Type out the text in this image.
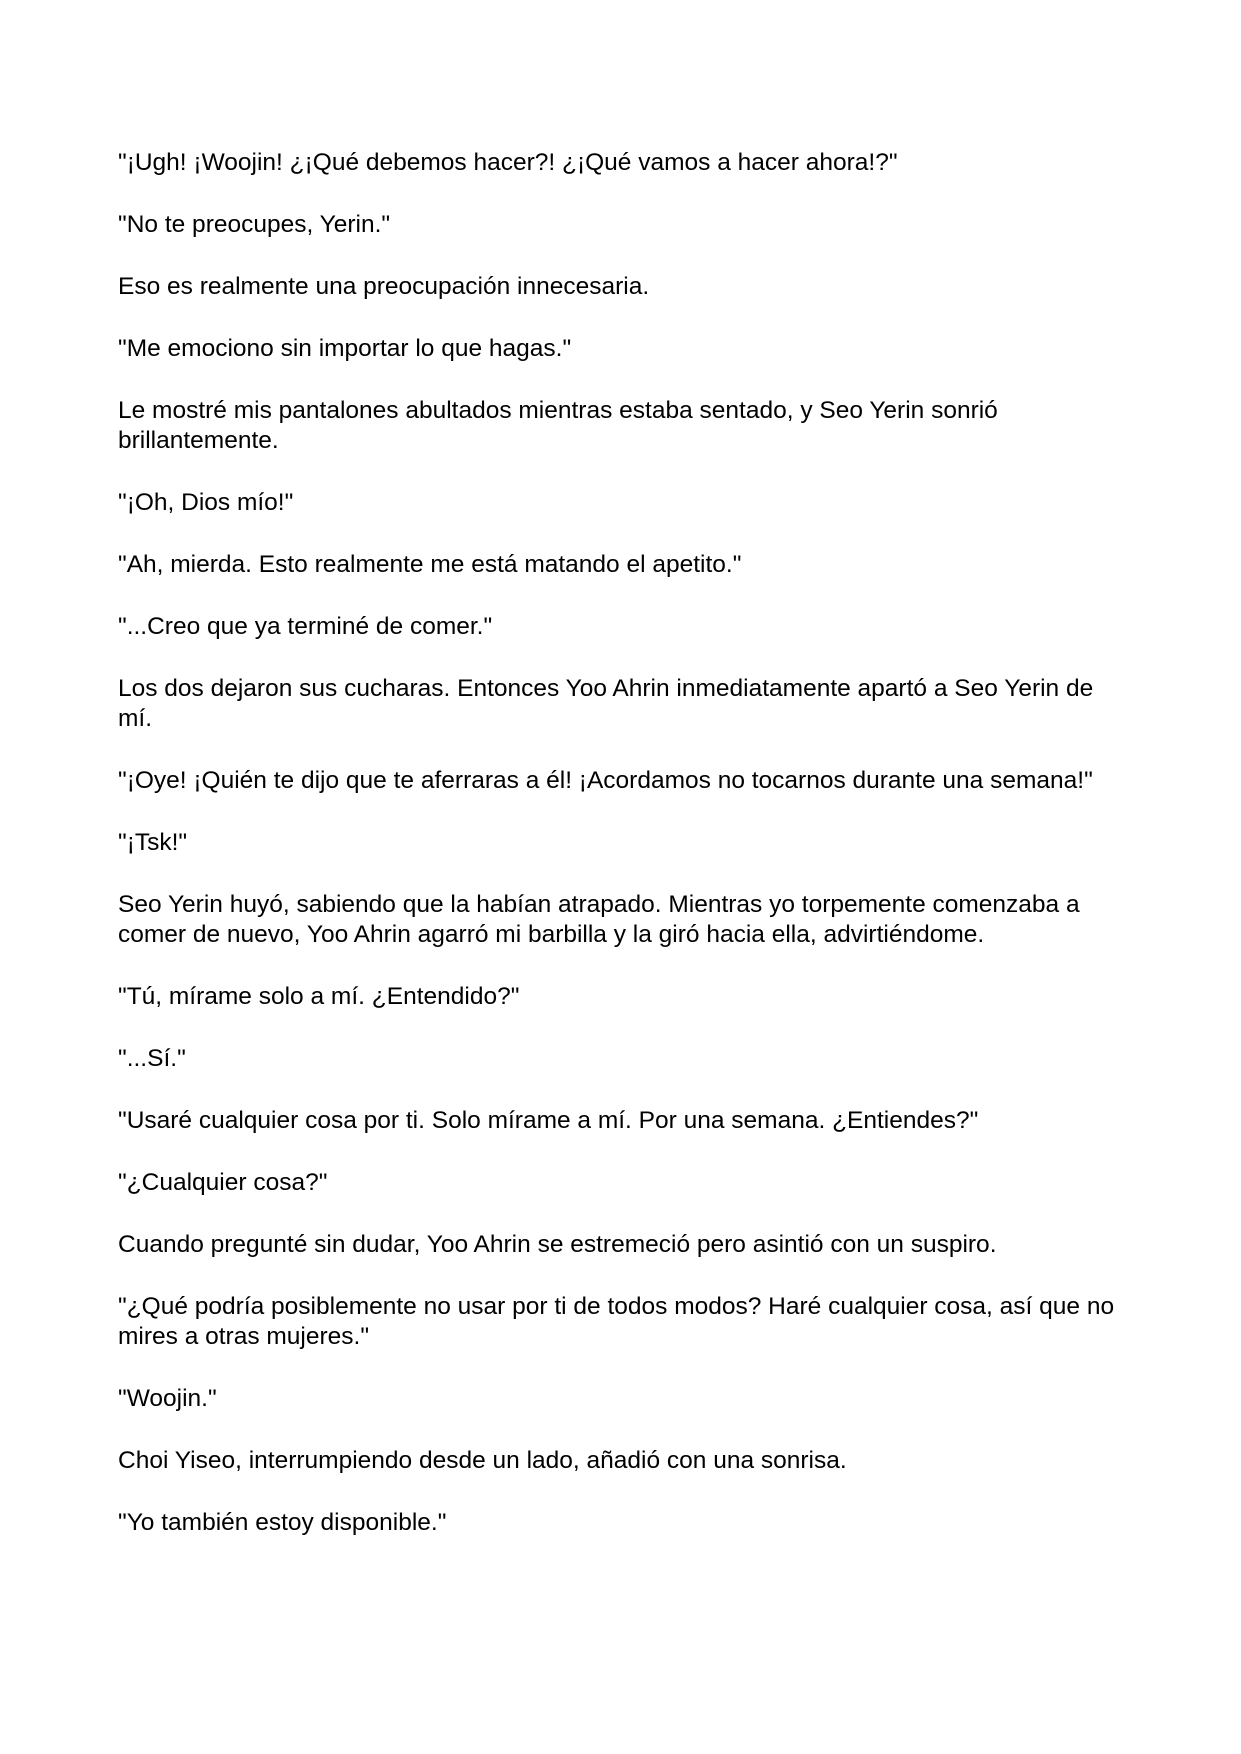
"¡Ugh! ¡Woojin! ¿¡Qué debemos hacer?! ¿¡Qué vamos a hacer ahora!?"

"No te preocupes, Yerin."

Eso es realmente una preocupación innecesaria.

"Me emociono sin importar lo que hagas."

Le mostré mis pantalones abultados mientras estaba sentado, y Seo Yerin sonrió brillantemente.

"¡Oh, Dios mío!"

"Ah, mierda. Esto realmente me está matando el apetito."

"...Creo que ya terminé de comer."

Los dos dejaron sus cucharas. Entonces Yoo Ahrin inmediatamente apartó a Seo Yerin de mí.

"¡Oye! ¡Quién te dijo que te aferraras a él! ¡Acordamos no tocarnos durante una semana!"

"¡Tsk!"

Seo Yerin huyó, sabiendo que la habían atrapado. Mientras yo torpemente comenzaba a comer de nuevo, Yoo Ahrin agarró mi barbilla y la giró hacia ella, advirtiéndome.

"Tú, mírame solo a mí. ¿Entendido?"

"...Sí."

"Usaré cualquier cosa por ti. Solo mírame a mí. Por una semana. ¿Entiendes?"

"¿Cualquier cosa?"

Cuando pregunté sin dudar, Yoo Ahrin se estremeció pero asintió con un suspiro.

"¿Qué podría posiblemente no usar por ti de todos modos? Haré cualquier cosa, así que no mires a otras mujeres."

"Woojin."

Choi Yiseo, interrumpiendo desde un lado, añadió con una sonrisa.

"Yo también estoy disponible."
